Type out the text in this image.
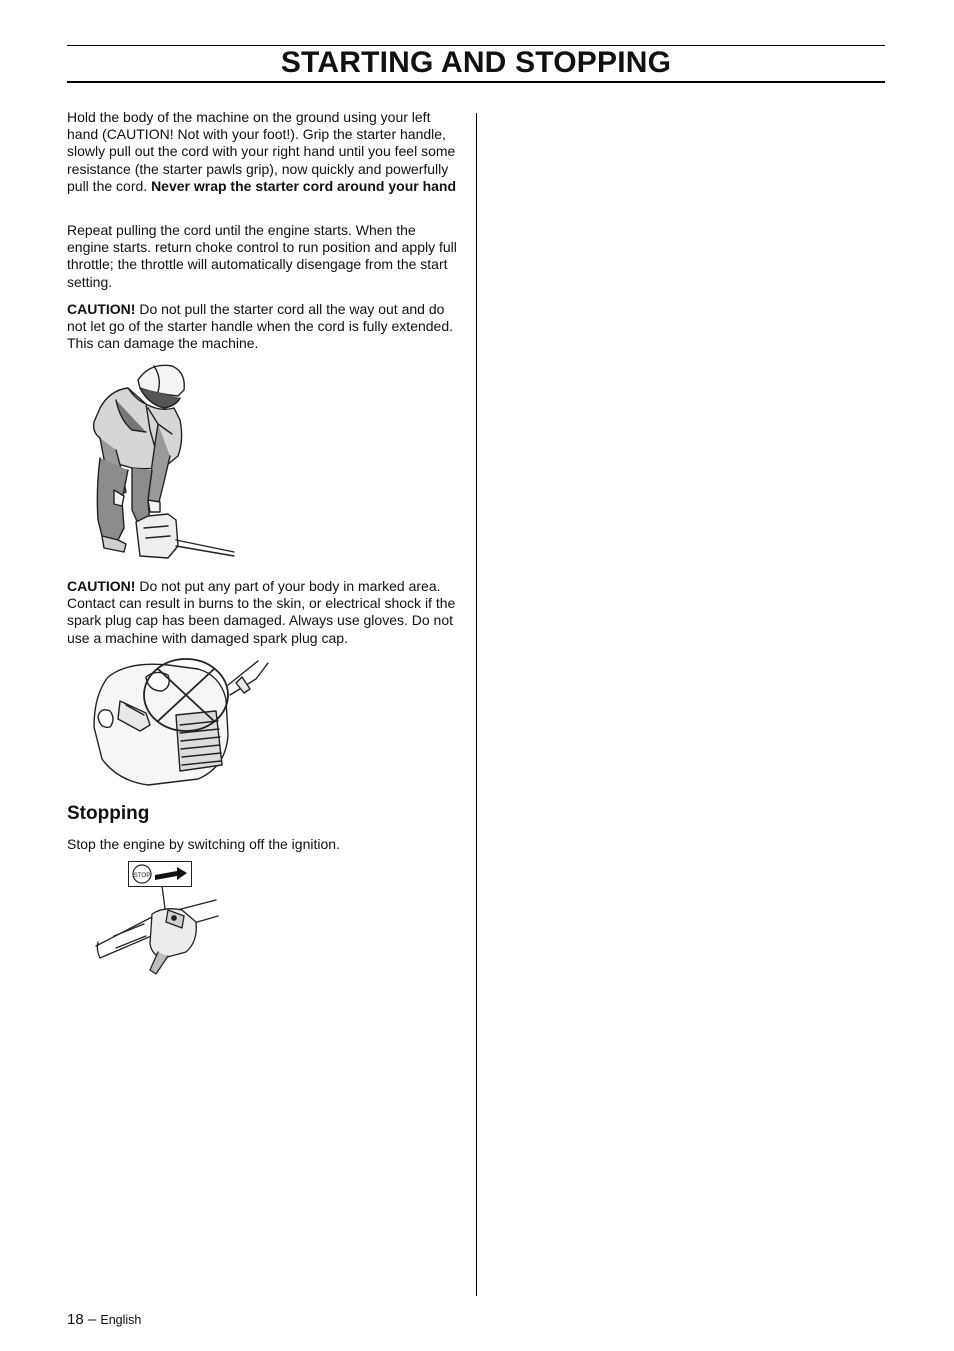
STARTING AND STOPPING

Hold the body of the machine on the ground using your left hand (CAUTION! Not with your foot!). Grip the starter handle, slowly pull out the cord with your right hand until you feel some resistance (the starter pawls grip), now quickly and powerfully pull the cord. Never wrap the starter cord around your hand

Repeat pulling the cord until the engine starts. When the engine starts. return choke control to run position and apply full throttle; the throttle will automatically disengage from the start setting.

CAUTION! Do not pull the starter cord all the way out and do not let go of the starter handle when the cord is fully extended. This can damage the machine.

CAUTION! Do not put any part of your body in marked area. Contact can result in burns to the skin, or electrical shock if the spark plug cap has been damaged. Always use gloves. Do not use a machine with damaged spark plug cap.

Stopping

Stop the engine by switching off the ignition.

STOP
18 – English
